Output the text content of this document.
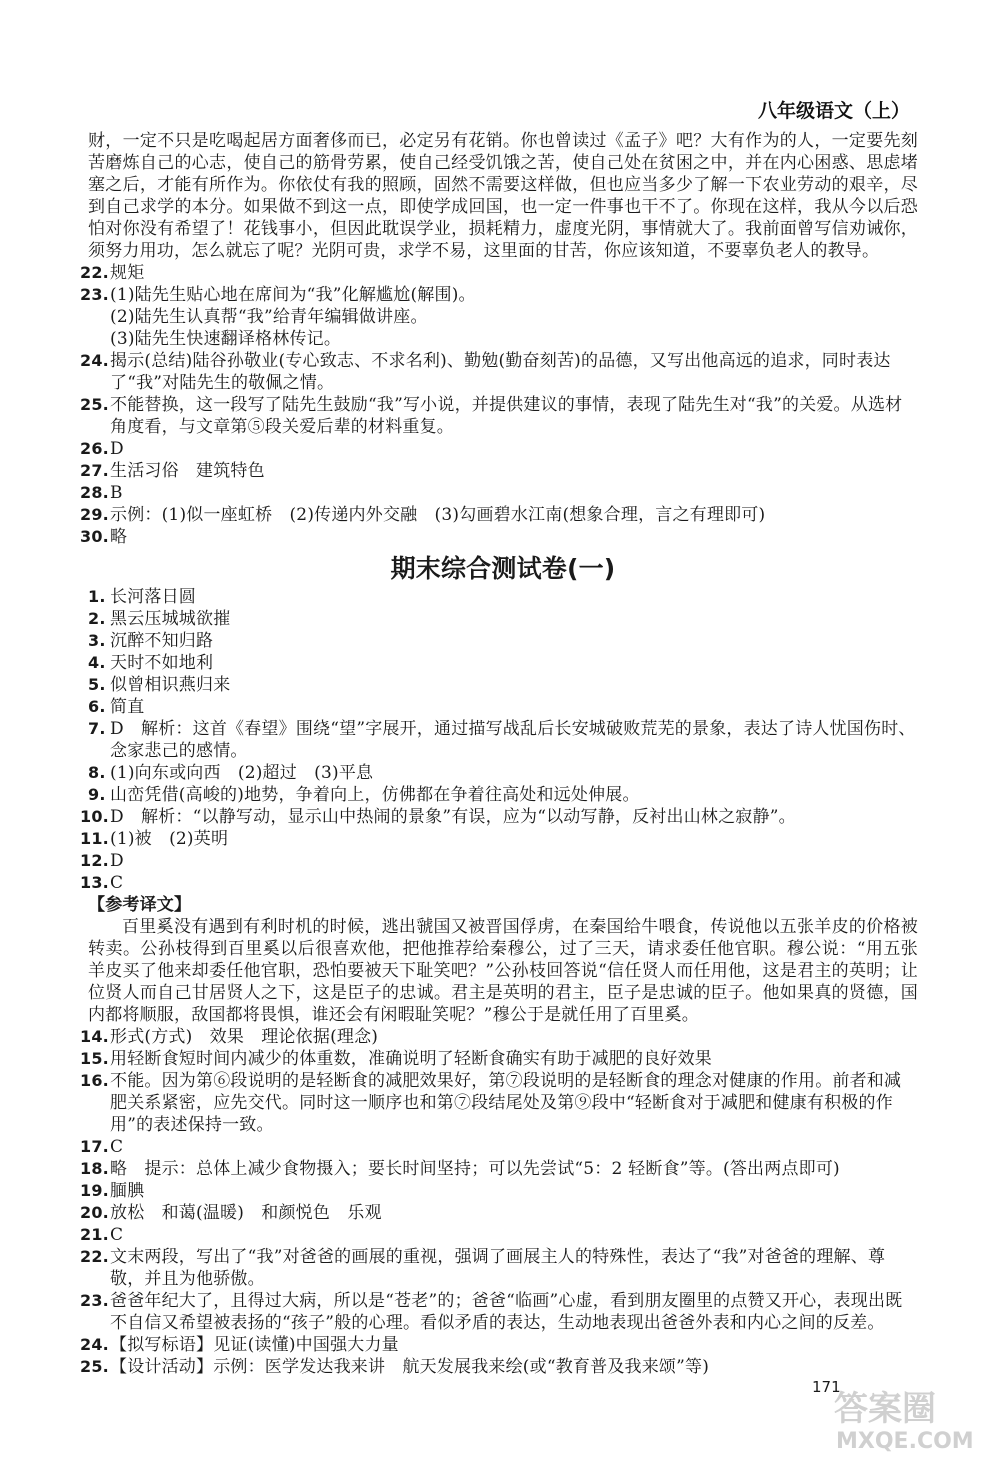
八年级语文（上）

财，一定不只是吃喝起居方面奢侈而已，必定另有花销。你也曾读过《孟子》吧？大有作为的人，一定要先刻苦磨炼自己的心志，使自己的筋骨劳累，使自己经受饥饿之苦，使自己处在贫困之中，并在内心困惑、思虑堵塞之后，才能有所作为。你依仗有我的照顾，固然不需要这样做，但也应当多少了解一下农业劳动的艰辛，尽到自己求学的本分。如果做不到这一点，即使学成回国，也一定一件事也干不了。你现在这样，我从今以后恐怕对你没有希望了！花钱事小，但因此耽误学业，损耗精力，虚度光阴，事情就大了。我前面曾写信劝诫你，须努力用功，怎么就忘了呢？光阴可贵，求学不易，这里面的甘苦，你应该知道，不要辜负老人的教导。

22. 规矩
23. (1)陆先生贴心地在席间为“我”化解尴尬(解围)。
(2)陆先生认真帮“我”给青年编辑做讲座。
(3)陆先生快速翻译格林传记。
24. 揭示(总结)陆谷孙敬业(专心致志、不求名利)、勤勉(勤奋刻苦)的品德，又写出他高远的追求，同时表达了“我”对陆先生的敬佩之情。
25. 不能替换，这一段写了陆先生鼓励“我”写小说，并提供建议的事情，表现了陆先生对“我”的关爱。从选材角度看，与文章第⑤段关爱后辈的材料重复。
26. D
27. 生活习俗　建筑特色
28. B
29. 示例：(1)似一座虹桥　(2)传递内外交融　(3)勾画碧水江南(想象合理，言之有理即可)
30. 略
期末综合测试卷(一)
1. 长河落日圆
2. 黑云压城城欲摧
3. 沉醉不知归路
4. 天时不如地利
5. 似曾相识燕归来
6. 简直
7. D　解析：这首《春望》围绕“望”字展开，通过描写战乱后长安城破败荒芜的景象，表达了诗人忧国伤时、念家悲己的感情。
8. (1)向东或向西　(2)超过　(3)平息
9. 山峦凭借(高峻的)地势，争着向上，仿佛都在争着往高处和远处伸展。
10. D　解析：“以静写动，显示山中热闹的景象”有误，应为“以动写静，反衬出山林之寂静”。
11. (1)被　(2)英明
12. D
13. C
【参考译文】

百里奚没有遇到有利时机的时候，逃出虢国又被晋国俘虏，在秦国给牛喂食，传说他以五张羊皮的价格被转卖。公孙枝得到百里奚以后很喜欢他，把他推荐给秦穆公，过了三天，请求委任他官职。穆公说：“用五张羊皮买了他来却委任他官职，恐怕要被天下耻笑吧？”公孙枝回答说“信任贤人而任用他，这是君主的英明；让位贤人而自己甘居贤人之下，这是臣子的忠诚。君主是英明的君主，臣子是忠诚的臣子。他如果真的贤德，国内都将顺服，敌国都将畏惧，谁还会有闲暇耻笑呢？”穆公于是就任用了百里奚。

14. 形式(方式)　效果　理论依据(理念)
15. 用轻断食短时间内减少的体重数，准确说明了轻断食确实有助于减肥的良好效果
16. 不能。因为第⑥段说明的是轻断食的减肥效果好，第⑦段说明的是轻断食的理念对健康的作用。前者和减肥关系紧密，应先交代。同时这一顺序也和第⑦段结尾处及第⑨段中“轻断食对于减肥和健康有积极的作用”的表述保持一致。
17. C
18. 略　提示：总体上减少食物摄入；要长时间坚持；可以先尝试“5：2 轻断食”等。(答出两点即可)
19. 腼腆
20. 放松　和蔼(温暖)　和颜悦色　乐观
21. C
22. 文末两段，写出了“我”对爸爸的画展的重视，强调了画展主人的特殊性，表达了“我”对爸爸的理解、尊敬，并且为他骄傲。
23. 爸爸年纪大了，且得过大病，所以是“苍老”的；爸爸“临画”心虚，看到朋友圈里的点赞又开心，表现出既不自信又希望被表扬的“孩子”般的心理。看似矛盾的表达，生动地表现出爸爸外表和内心之间的反差。
24. 【拟写标语】见证(读懂)中国强大力量
25. 【设计活动】示例：医学发达我来讲　航天发展我来绘(或“教育普及我来颂”等)
171
答案圈
MXQE.COM
